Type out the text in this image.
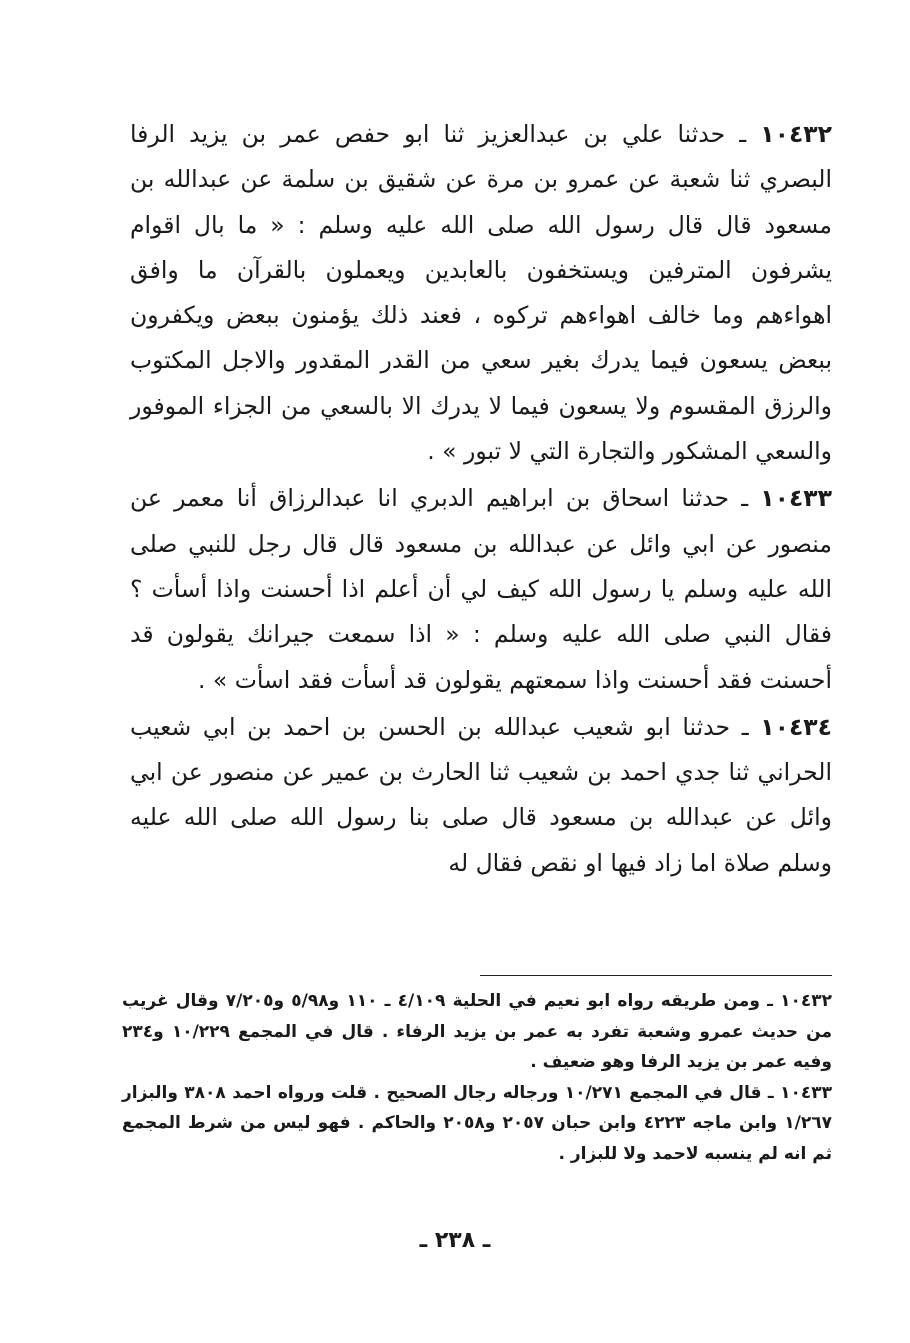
١٠٤٣٢ ـ حدثنا علي بن عبدالعزيز ثنا ابو حفص عمر بن يزيد الرفا البصري ثنا شعبة عن عمرو بن مرة عن شقيق بن سلمة عن عبدالله بن مسعود قال قال رسول الله صلى الله عليه وسلم : « ما بال اقوام يشرفون المترفين ويستخفون بالعابدين ويعملون بالقرآن ما وافق اهواءهم وما خالف اهواءهم تركوه ، فعند ذلك يؤمنون ببعض ويكفرون ببعض يسعون فيما يدرك بغير سعي من القدر المقدور والاجل المكتوب والرزق المقسوم ولا يسعون فيما لا يدرك الا بالسعي من الجزاء الموفور والسعي المشكور والتجارة التي لا تبور » .

١٠٤٣٣ ـ حدثنا اسحاق بن ابراهيم الدبري انا عبدالرزاق أنا معمر عن منصور عن ابي وائل عن عبدالله بن مسعود قال قال رجل للنبي صلى الله عليه وسلم يا رسول الله كيف لي أن أعلم اذا أحسنت واذا أسأت ؟ فقال النبي صلى الله عليه وسلم : « اذا سمعت جيرانك يقولون قد أحسنت فقد أحسنت واذا سمعتهم يقولون قد أسأت فقد اسأت » .

١٠٤٣٤ ـ حدثنا ابو شعيب عبدالله بن الحسن بن احمد بن ابي شعيب الحراني ثنا جدي احمد بن شعيب ثنا الحارث بن عمير عن منصور عن ابي وائل عن عبدالله بن مسعود قال صلى بنا رسول الله صلى الله عليه وسلم صلاة اما زاد فيها او نقص فقال له

١٠٤٣٢ ـ ومن طريقه رواه ابو نعيم في الحلية ٤/١٠٩ ـ ١١٠ و٥/٩٨ و٧/٢٠٥ وقال غريب من حديث عمرو وشعبة تفرد به عمر بن يزيد الرفاء . قال في المجمع ١٠/٢٢٩ و٢٣٤ وفيه عمر بن يزيد الرفا وهو ضعيف .

١٠٤٣٣ ـ قال في المجمع ١٠/٢٧١ ورجاله رجال الصحيح . قلت ورواه احمد ٣٨٠٨ والبزار ١/٢٦٧ وابن ماجه ٤٢٢٣ وابن حبان ٢٠٥٧ و٢٠٥٨ والحاكم . فهو ليس من شرط المجمع ثم انه لم ينسبه لاحمد ولا للبزار .

ـ ٢٣٨ ـ
